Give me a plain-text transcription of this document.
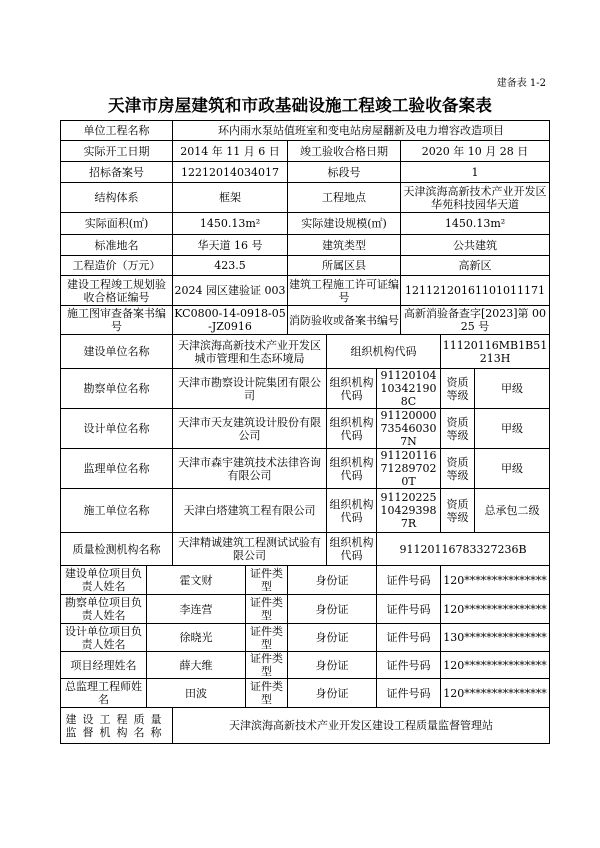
建备表 1-2
天津市房屋建筑和市政基础设施工程竣工验收备案表
单位工程名称		环内雨水泵站值班室和变电站房屋翻新及电力增容改造项目							
实际开工日期		2014 年 11 月 6 日		竣工验收合格日期			2020 年 10 月 28 日		
招标备案号		12212014034017		标段号			1		
结构体系		框架		工程地点			天津滨海高新技术产业开发区华苑科技园华天道		
实际面积(㎡)		1450.13m²		实际建设规模(㎡)			1450.13m²		
标准地名		华天道 16 号		建筑类型			公共建筑		
工程造价（万元）		423.5		所属区县			高新区		
建设工程竣工规划验收合格证编号		2024 园区建验证 003		建筑工程施工许可证编号			12112120161101011171		
施工图审查备案书编号		KC0800-14-0918-05-JZ0916		消防验收或备案书编号			高新消验备查字[2023]第 0025 号		
建设单位名称		天津滨海高新技术产业开发区城市管理和生态环境局			组织机构代码			11120116MB1B51213H	
勘察单位名称		天津市勘察设计院集团有限公司			组织机构代码	91120104103421908C		资质等级	甲级
设计单位名称		天津市天友建筑设计股份有限公司			组织机构代码	91120000735460307N		资质等级	甲级
监理单位名称		天津市森宇建筑技术法律咨询有限公司			组织机构代码	91120116712897020T		资质等级	甲级
施工单位名称		天津白塔建筑工程有限公司			组织机构代码	91120225104293987R		资质等级	总承包二级
质量检测机构名称		天津精诚建筑工程测试试验有限公司			组织机构代码	91120116783327236B			
建设单位项目负责人姓名	霍文财		证件类型	身份证		证件号码		120***************	
勘察单位项目负责人姓名	李连营		证件类型	身份证		证件号码		120***************	
设计单位项目负责人姓名	徐晓光		证件类型	身份证		证件号码		130***************	
项目经理姓名	薛大维		证件类型	身份证		证件号码		120***************	
总监理工程师姓名	田波		证件类型	身份证		证件号码		120***************	
建设工程质量监督机构名称		天津滨海高新技术产业开发区建设工程质量监督管理站							
